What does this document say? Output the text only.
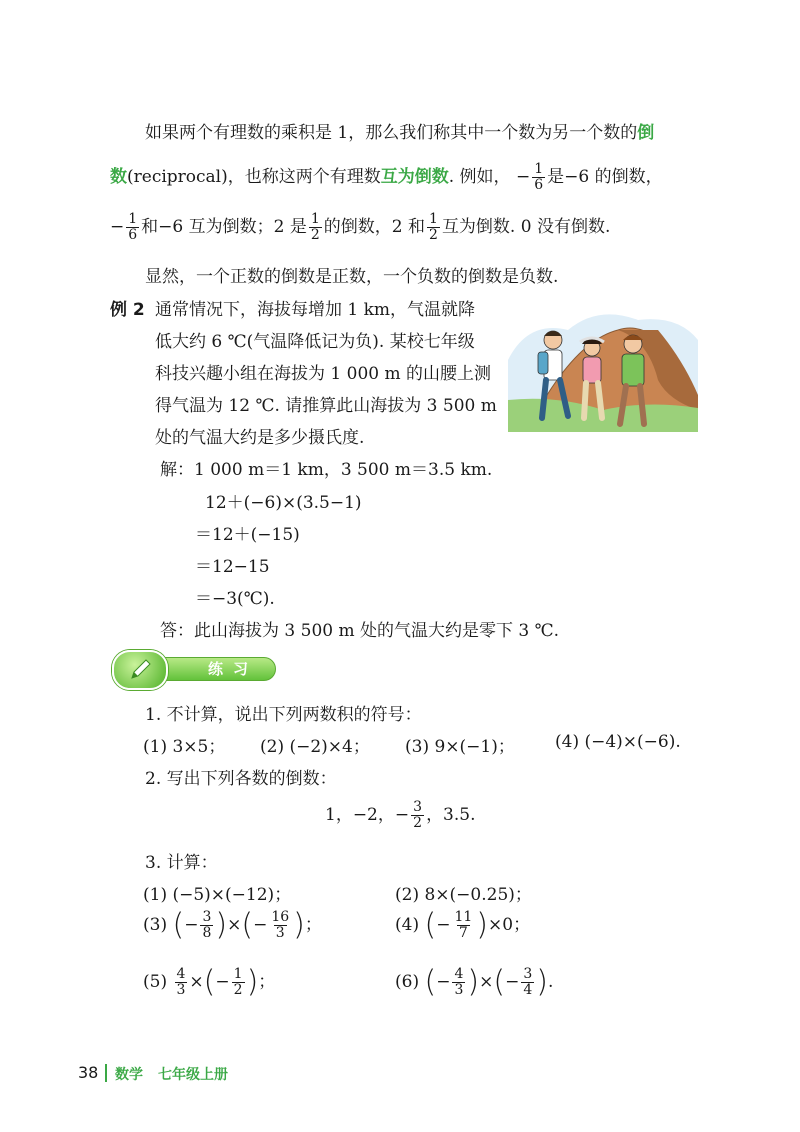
如果两个有理数的乘积是 1，那么我们称其中一个数为另一个数的倒
数(reciprocal)，也称这两个有理数互为倒数. 例如， − $\frac{1}{6}$ 是−6 的倒数，
− $\frac{1}{6}$ 和−6 互为倒数；2 是 $\frac{1}{2}$ 的倒数，2 和 $\frac{1}{2}$ 互为倒数. 0 没有倒数.
显然，一个正数的倒数是正数，一个负数的倒数是负数.
例 2 通常情况下，海拔每增加 1 km，气温就降
低大约 6 ℃(气温降低记为负). 某校七年级
科技兴趣小组在海拔为 1 000 m 的山腰上测
得气温为 12 ℃. 请推算此山海拔为 3 500 m
处的气温大约是多少摄氏度.
解：1 000 m＝1 km，3 500 m＝3.5 km.
12＋(−6)×(3.5−1)
＝12＋(−15)
＝12−15
＝−3(℃).
答：此山海拔为 3 500 m 处的气温大约是零下 3 ℃.
练习
1. 不计算，说出下列两数积的符号：
(1) 3×5； (2) (−2)×4； (3) 9×(−1)； (4) (−4)×(−6).
2. 写出下列各数的倒数：
1，−2，− $\frac{3}{2}$ ，3.5.
3. 计算：
(1) (−5)×(−12)；	(2) 8×(−0.25)；
(3) (− $\frac{3}{8}$ )×(− $\frac{16}{3}$ )；	(4) (− $\frac{11}{7} )\times 0$；
$(5) \frac{4}{3}$ ×(− $\frac{1}{2}$ )；	(6) (− $\frac{4}{3}$ )×(− $\frac{3}{4}$ ).
38 数学 七年级上册
